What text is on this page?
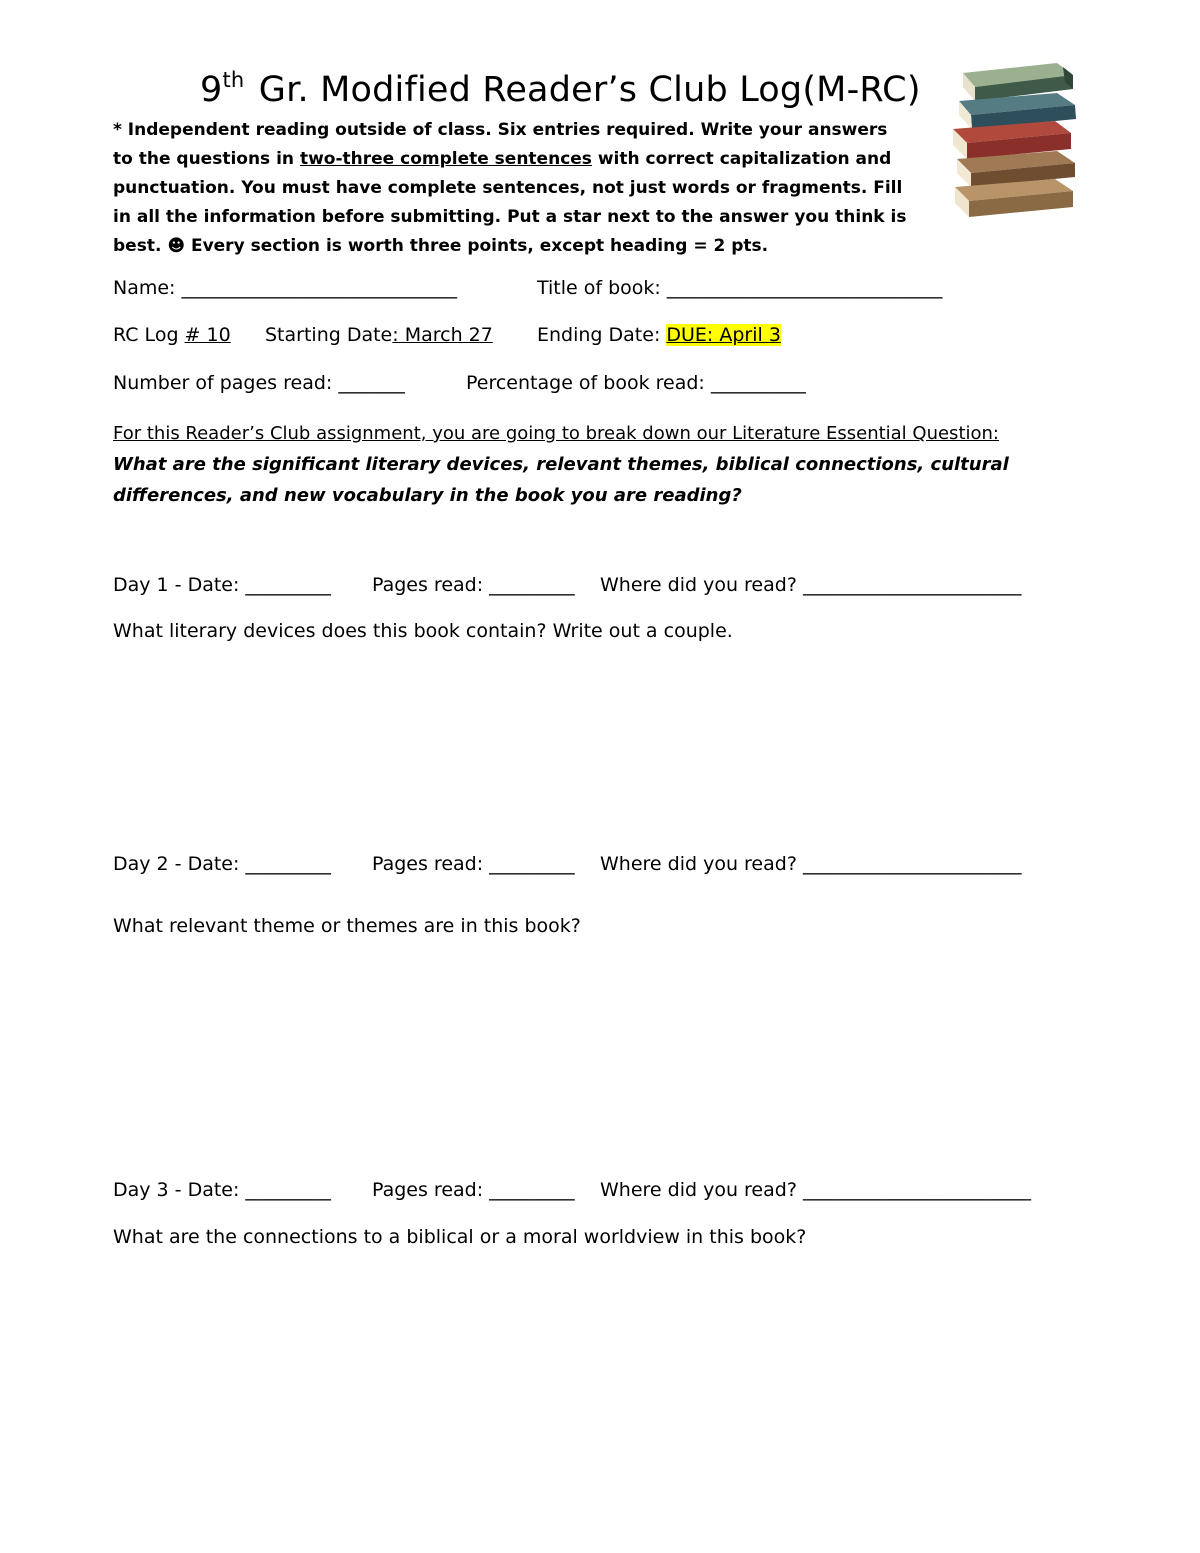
9th Gr. Modified Reader’s Club Log(M-RC)
* Independent reading outside of class. Six entries required. Write your answers to the questions in two-three complete sentences with correct capitalization and punctuation. You must have complete sentences, not just words or fragments. Fill in all the information before submitting. Put a star next to the answer you think is best. ☻ Every section is worth three points, except heading = 2 pts.
Name: _____________________________	Title of book: _____________________________
RC Log # 10 Starting Date: March 27 Ending Date: DUE: April 3
Number of pages read: _______	Percentage of book read: __________
For this Reader’s Club assignment, you are going to break down our Literature Essential Question:
What are the significant literary devices, relevant themes, biblical connections, cultural differences, and new vocabulary in the book you are reading?
Day 1 - Date: _________ Pages read: _________ Where did you read? _______________________
What literary devices does this book contain? Write out a couple.
Day 2 - Date: _________ Pages read: _________ Where did you read? _______________________
What relevant theme or themes are in this book?
Day 3 - Date: _________ Pages read: _________ Where did you read? ________________________
What are the connections to a biblical or a moral worldview in this book?
